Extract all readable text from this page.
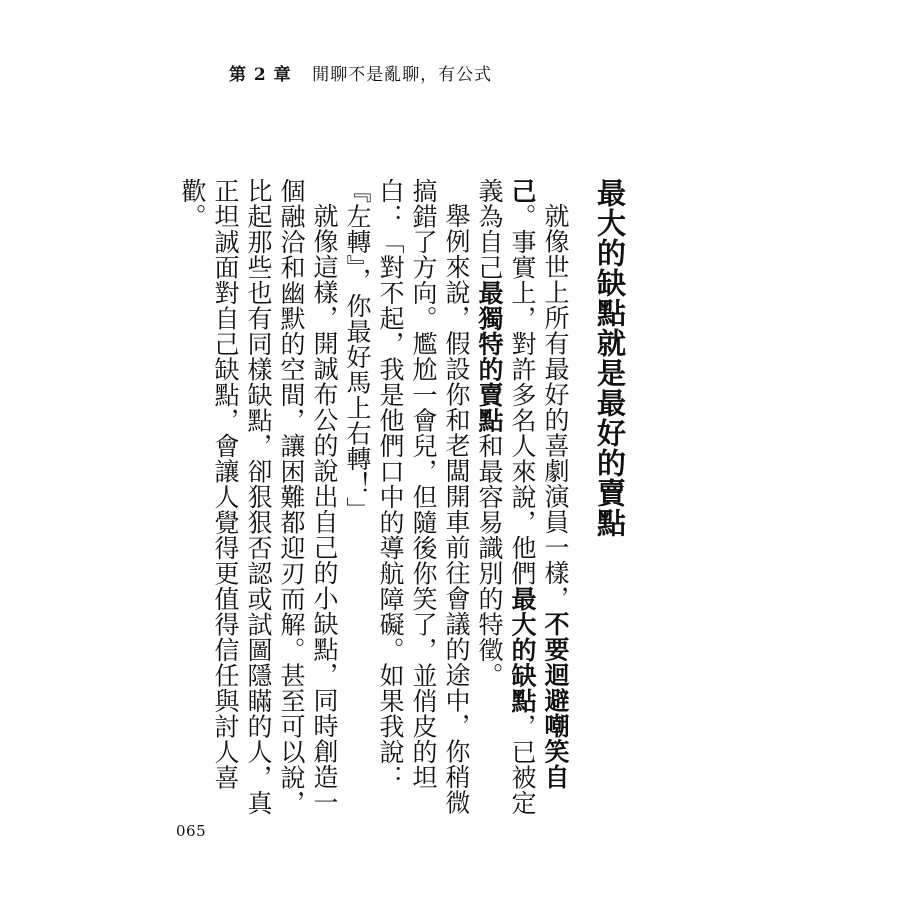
第 2 章 閒聊不是亂聊，有公式
最大的缺點就是最好的賣點

就像世上所有最好的喜劇演員一樣，不要迴避嘲笑自己。事實上，對許多名人來說，他們最大的缺點，已被定義為自己最獨特的賣點和最容易識別的特徵。

舉例來說，假設你和老闆開車前往會議的途中，你稍微搞錯了方向。尷尬一會兒，但隨後你笑了，並俏皮的坦白：「對不起，我是他們口中的導航障礙。如果我說：『左轉』，你最好馬上右轉！」

就像這樣，開誠布公的說出自己的小缺點，同時創造一個融洽和幽默的空間，讓困難都迎刃而解。甚至可以說，比起那些也有同樣缺點，卻狠狠否認或試圖隱瞞的人，真正坦誠面對自己缺點，會讓人覺得更值得信任與討人喜歡。

065
